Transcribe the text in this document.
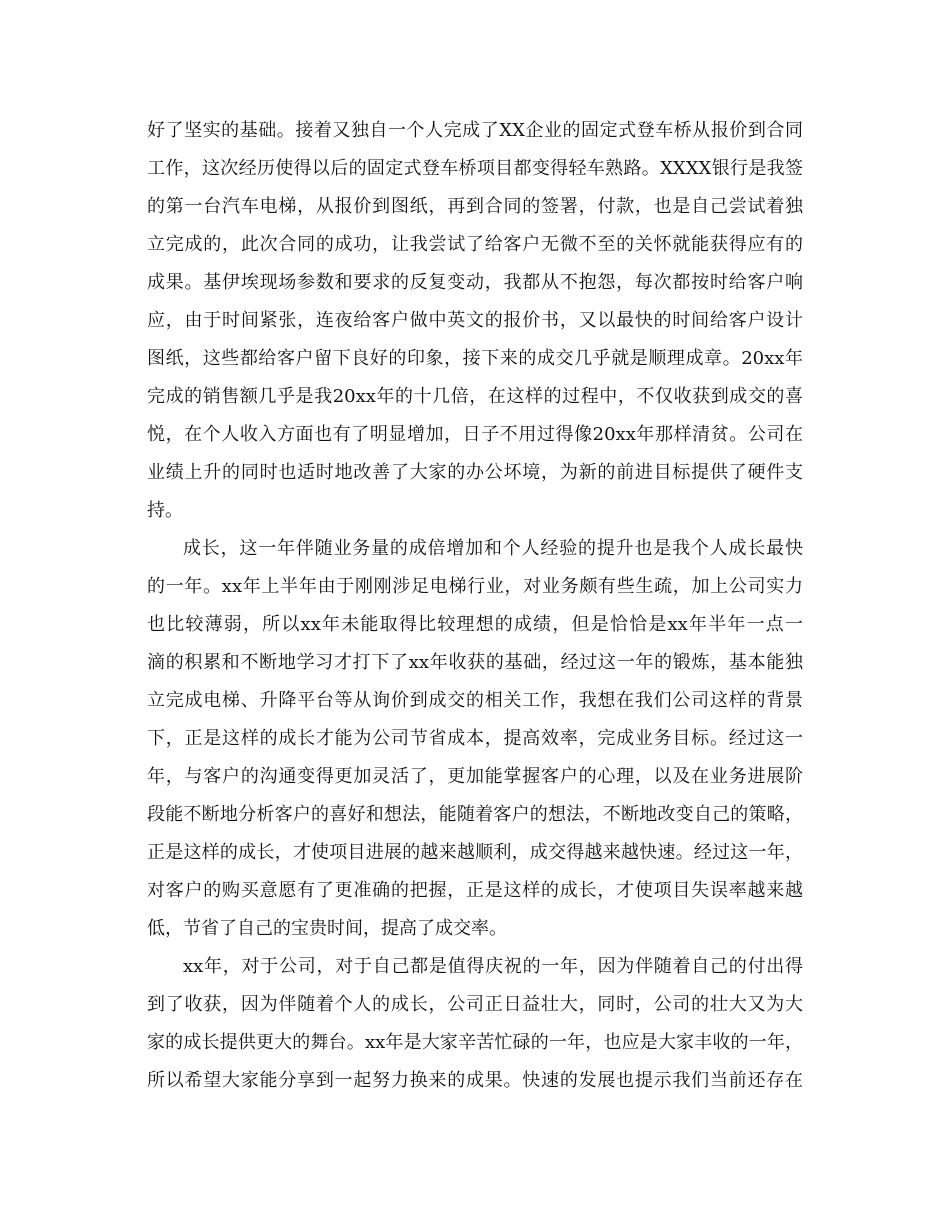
好了坚实的基础。接着又独自一个人完成了XX企业的固定式登车桥从报价到合同
工作，这次经历使得以后的固定式登车桥项目都变得轻车熟路。XXXX银行是我签
的第一台汽车电梯，从报价到图纸，再到合同的签署，付款，也是自己尝试着独
立完成的，此次合同的成功，让我尝试了给客户无微不至的关怀就能获得应有的
成果。基伊埃现场参数和要求的反复变动，我都从不抱怨，每次都按时给客户响
应，由于时间紧张，连夜给客户做中英文的报价书，又以最快的时间给客户设计
图纸，这些都给客户留下良好的印象，接下来的成交几乎就是顺理成章。20xx年
完成的销售额几乎是我20xx年的十几倍，在这样的过程中，不仅收获到成交的喜
悦，在个人收入方面也有了明显增加，日子不用过得像20xx年那样清贫。公司在
业绩上升的同时也适时地改善了大家的办公坏境，为新的前进目标提供了硬件支
持。
成长，这一年伴随业务量的成倍增加和个人经验的提升也是我个人成长最快
的一年。xx年上半年由于刚刚涉足电梯行业，对业务颇有些生疏，加上公司实力
也比较薄弱，所以xx年未能取得比较理想的成绩，但是恰恰是xx年半年一点一
滴的积累和不断地学习才打下了xx年收获的基础，经过这一年的锻炼，基本能独
立完成电梯、升降平台等从询价到成交的相关工作，我想在我们公司这样的背景
下，正是这样的成长才能为公司节省成本，提高效率，完成业务目标。经过这一
年，与客户的沟通变得更加灵活了，更加能掌握客户的心理，以及在业务进展阶
段能不断地分析客户的喜好和想法，能随着客户的想法，不断地改变自己的策略，
正是这样的成长，才使项目进展的越来越顺利，成交得越来越快速。经过这一年，
对客户的购买意愿有了更准确的把握，正是这样的成长，才使项目失误率越来越
低，节省了自己的宝贵时间，提高了成交率。
xx年，对于公司，对于自己都是值得庆祝的一年，因为伴随着自己的付出得
到了收获，因为伴随着个人的成长，公司正日益壮大，同时，公司的壮大又为大
家的成长提供更大的舞台。xx年是大家辛苦忙碌的一年，也应是大家丰收的一年，
所以希望大家能分享到一起努力换来的成果。快速的发展也提示我们当前还存在
